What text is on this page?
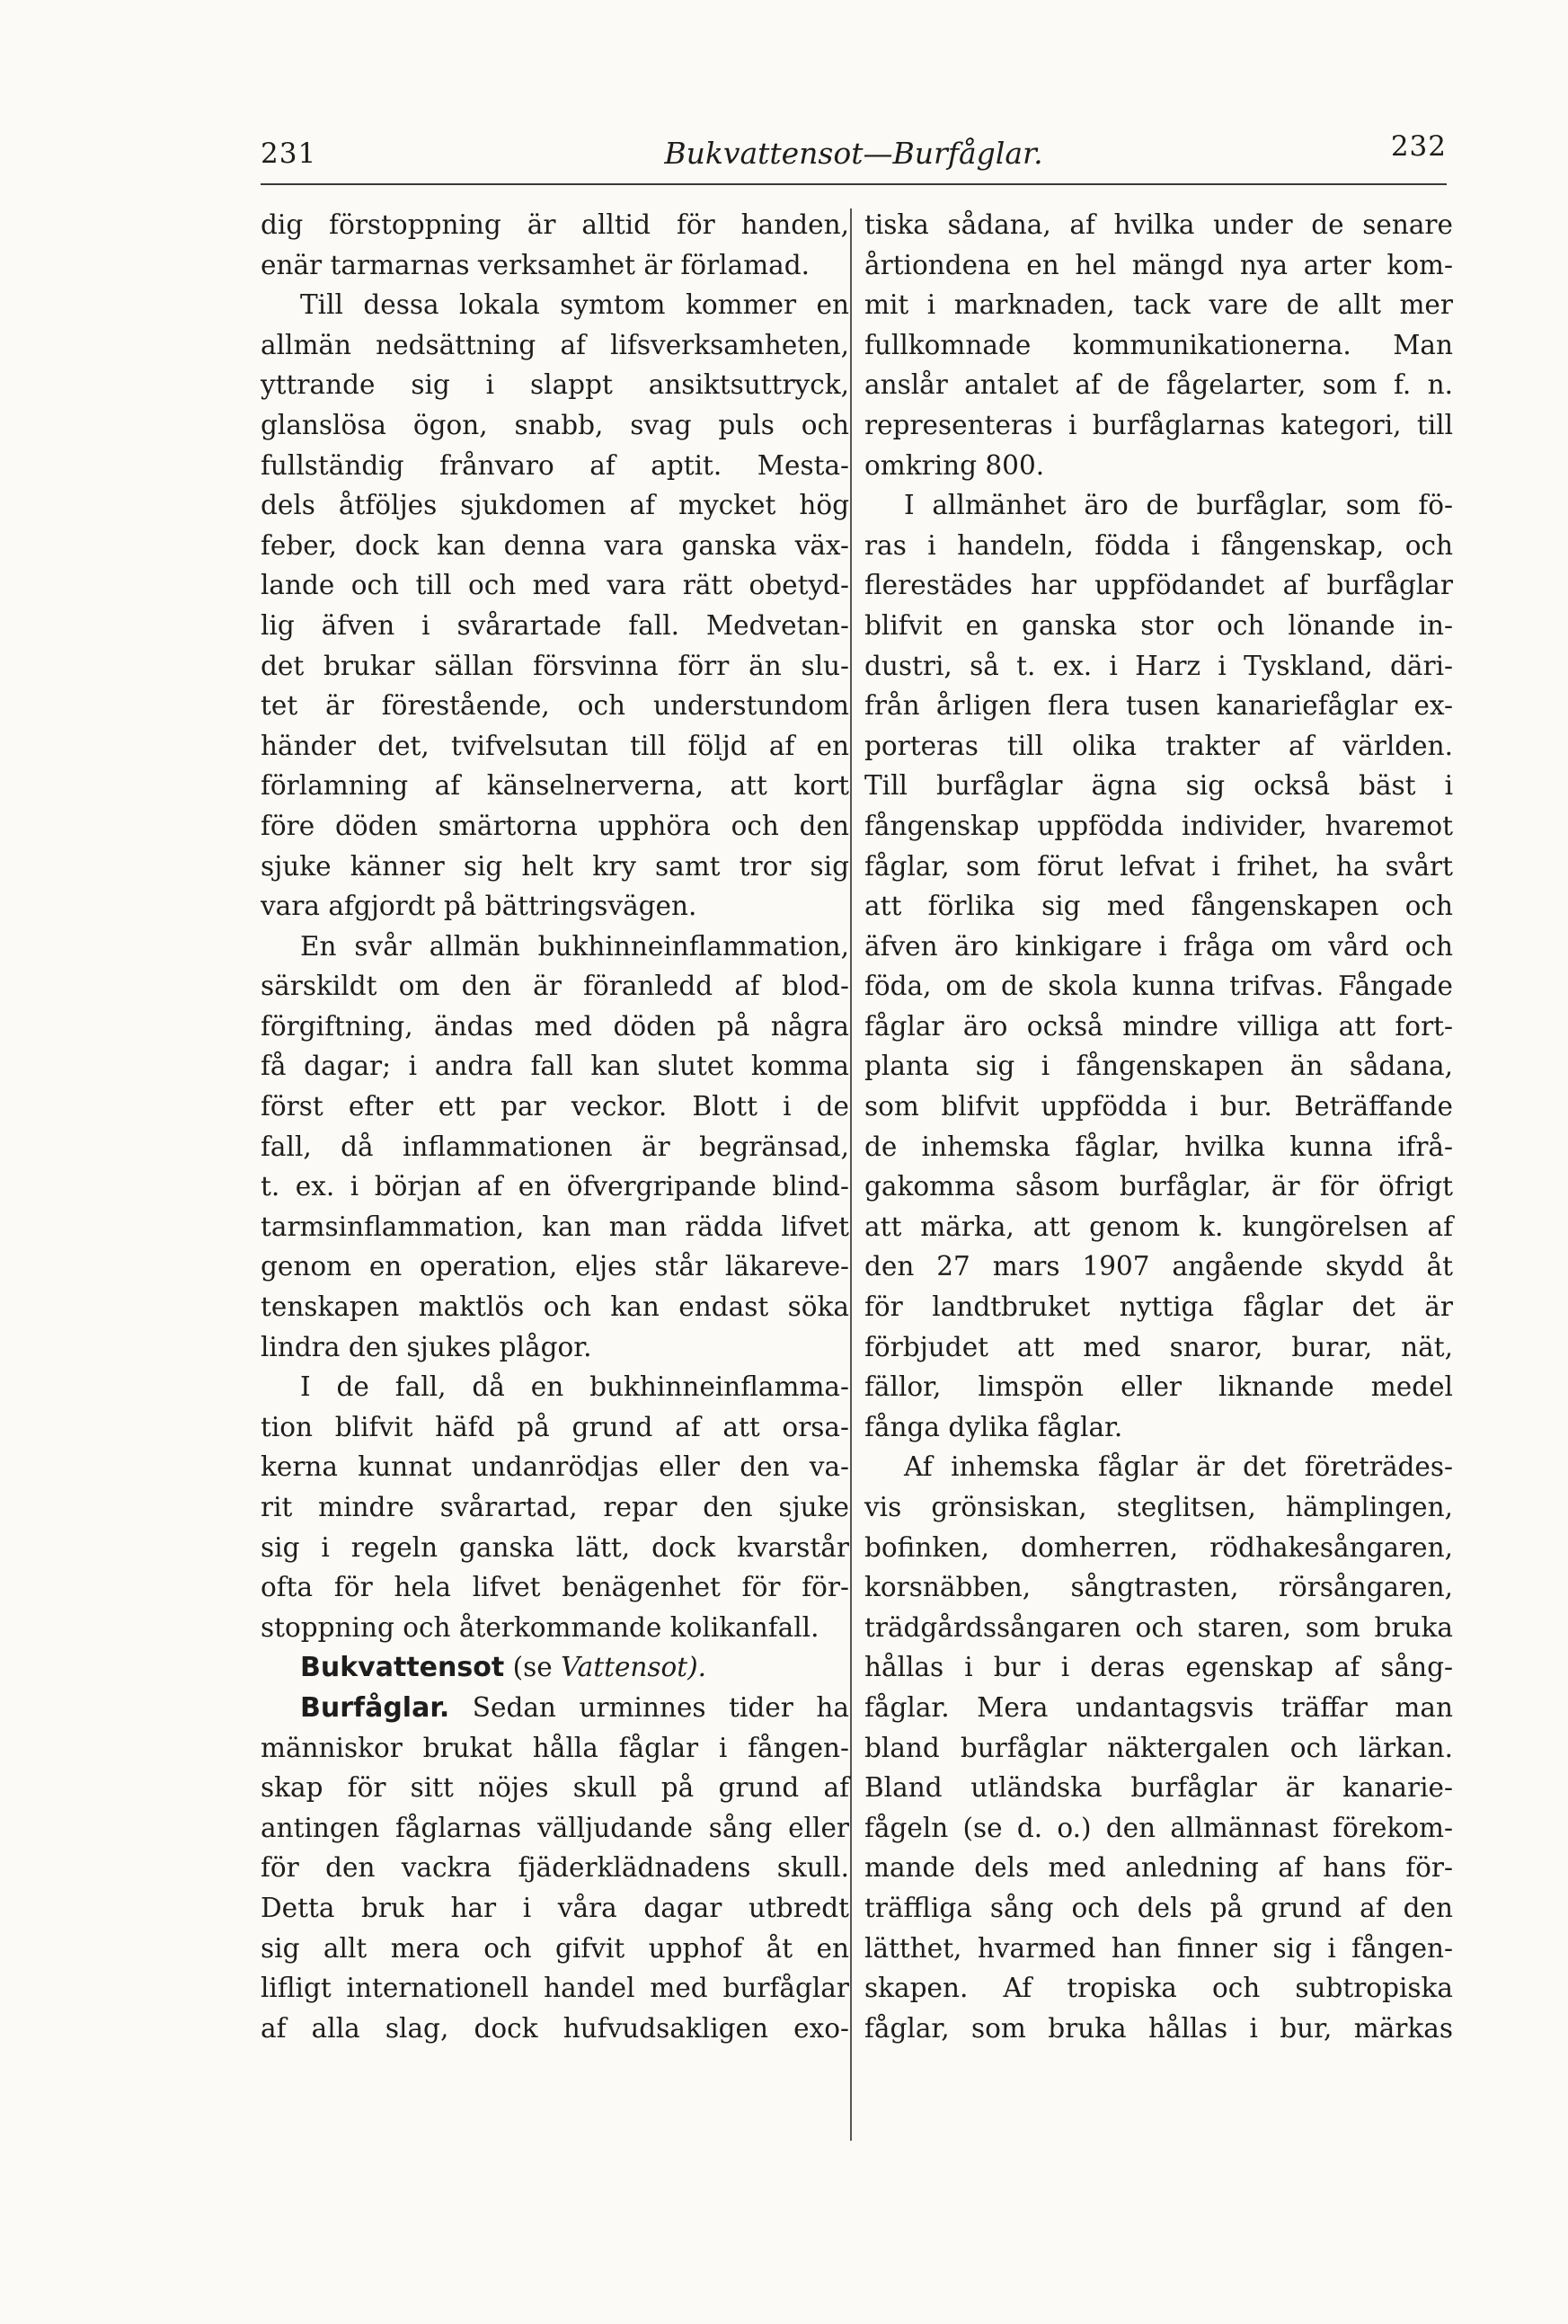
231	Bukvattensot—Burfåglar.	232
dig förstoppning är alltid för handen,
enär tarmarnas verksamhet är förlamad.
Till dessa lokala symtom kommer en
allmän nedsättning af lifsverksamheten,
yttrande sig i slappt ansiktsuttryck,
glanslösa ögon, snabb, svag puls och
fullständig frånvaro af aptit. Mesta-
dels åtföljes sjukdomen af mycket hög
feber, dock kan denna vara ganska väx-
lande och till och med vara rätt obetyd-
lig äfven i svårartade fall. Medvetan-
det brukar sällan försvinna förr än slu-
tet är förestående, och understundom
händer det, tvifvelsutan till följd af en
förlamning af känselnerverna, att kort
före döden smärtorna upphöra och den
sjuke känner sig helt kry samt tror sig
vara afgjordt på bättringsvägen.
En svår allmän bukhinneinflammation,
särskildt om den är föranledd af blod-
förgiftning, ändas med döden på några
få dagar; i andra fall kan slutet komma
först efter ett par veckor. Blott i de
fall, då inflammationen är begränsad,
t. ex. i början af en öfvergripande blind-
tarmsinflammation, kan man rädda lifvet
genom en operation, eljes står läkareve-
tenskapen maktlös och kan endast söka
lindra den sjukes plågor.
I de fall, då en bukhinneinflamma-
tion blifvit häfd på grund af att orsa-
kerna kunnat undanrödjas eller den va-
rit mindre svårartad, repar den sjuke
sig i regeln ganska lätt, dock kvarstår
ofta för hela lifvet benägenhet för för-
stoppning och återkommande kolikanfall.
Bukvattensot (se Vattensot).
Burfåglar. Sedan urminnes tider ha
människor brukat hålla fåglar i fången-
skap för sitt nöjes skull på grund af
antingen fåglarnas välljudande sång eller
för den vackra fjäderklädnadens skull.
Detta bruk har i våra dagar utbredt
sig allt mera och gifvit upphof åt en
lifligt internationell handel med burfåglar
af alla slag, dock hufvudsakligen exo-
tiska sådana, af hvilka under de senare
årtiondena en hel mängd nya arter kom-
mit i marknaden, tack vare de allt mer
fullkomnade kommunikationerna. Man
anslår antalet af de fågelarter, som f. n.
representeras i burfåglarnas kategori, till
omkring 800.
I allmänhet äro de burfåglar, som fö-
ras i handeln, födda i fångenskap, och
flerestädes har uppfödandet af burfåglar
blifvit en ganska stor och lönande in-
dustri, så t. ex. i Harz i Tyskland, däri-
från årligen flera tusen kanariefåglar ex-
porteras till olika trakter af världen.
Till burfåglar ägna sig också bäst i
fångenskap uppfödda individer, hvaremot
fåglar, som förut lefvat i frihet, ha svårt
att förlika sig med fångenskapen och
äfven äro kinkigare i fråga om vård och
föda, om de skola kunna trifvas. Fångade
fåglar äro också mindre villiga att fort-
planta sig i fångenskapen än sådana,
som blifvit uppfödda i bur. Beträffande
de inhemska fåglar, hvilka kunna ifrå-
gakomma såsom burfåglar, är för öfrigt
att märka, att genom k. kungörelsen af
den 27 mars 1907 angående skydd åt
för landtbruket nyttiga fåglar det är
förbjudet att med snaror, burar, nät,
fällor, limspön eller liknande medel
fånga dylika fåglar.
Af inhemska fåglar är det företrädes-
vis grönsiskan, steglitsen, hämplingen,
bofinken, domherren, rödhakesångaren,
korsnäbben, sångtrasten, rörsångaren,
trädgårdssångaren och staren, som bruka
hållas i bur i deras egenskap af sång-
fåglar. Mera undantagsvis träffar man
bland burfåglar näktergalen och lärkan.
Bland utländska burfåglar är kanarie-
fågeln (se d. o.) den allmännast förekom-
mande dels med anledning af hans för-
träffliga sång och dels på grund af den
lätthet, hvarmed han finner sig i fången-
skapen. Af tropiska och subtropiska
fåglar, som bruka hållas i bur, märkas
